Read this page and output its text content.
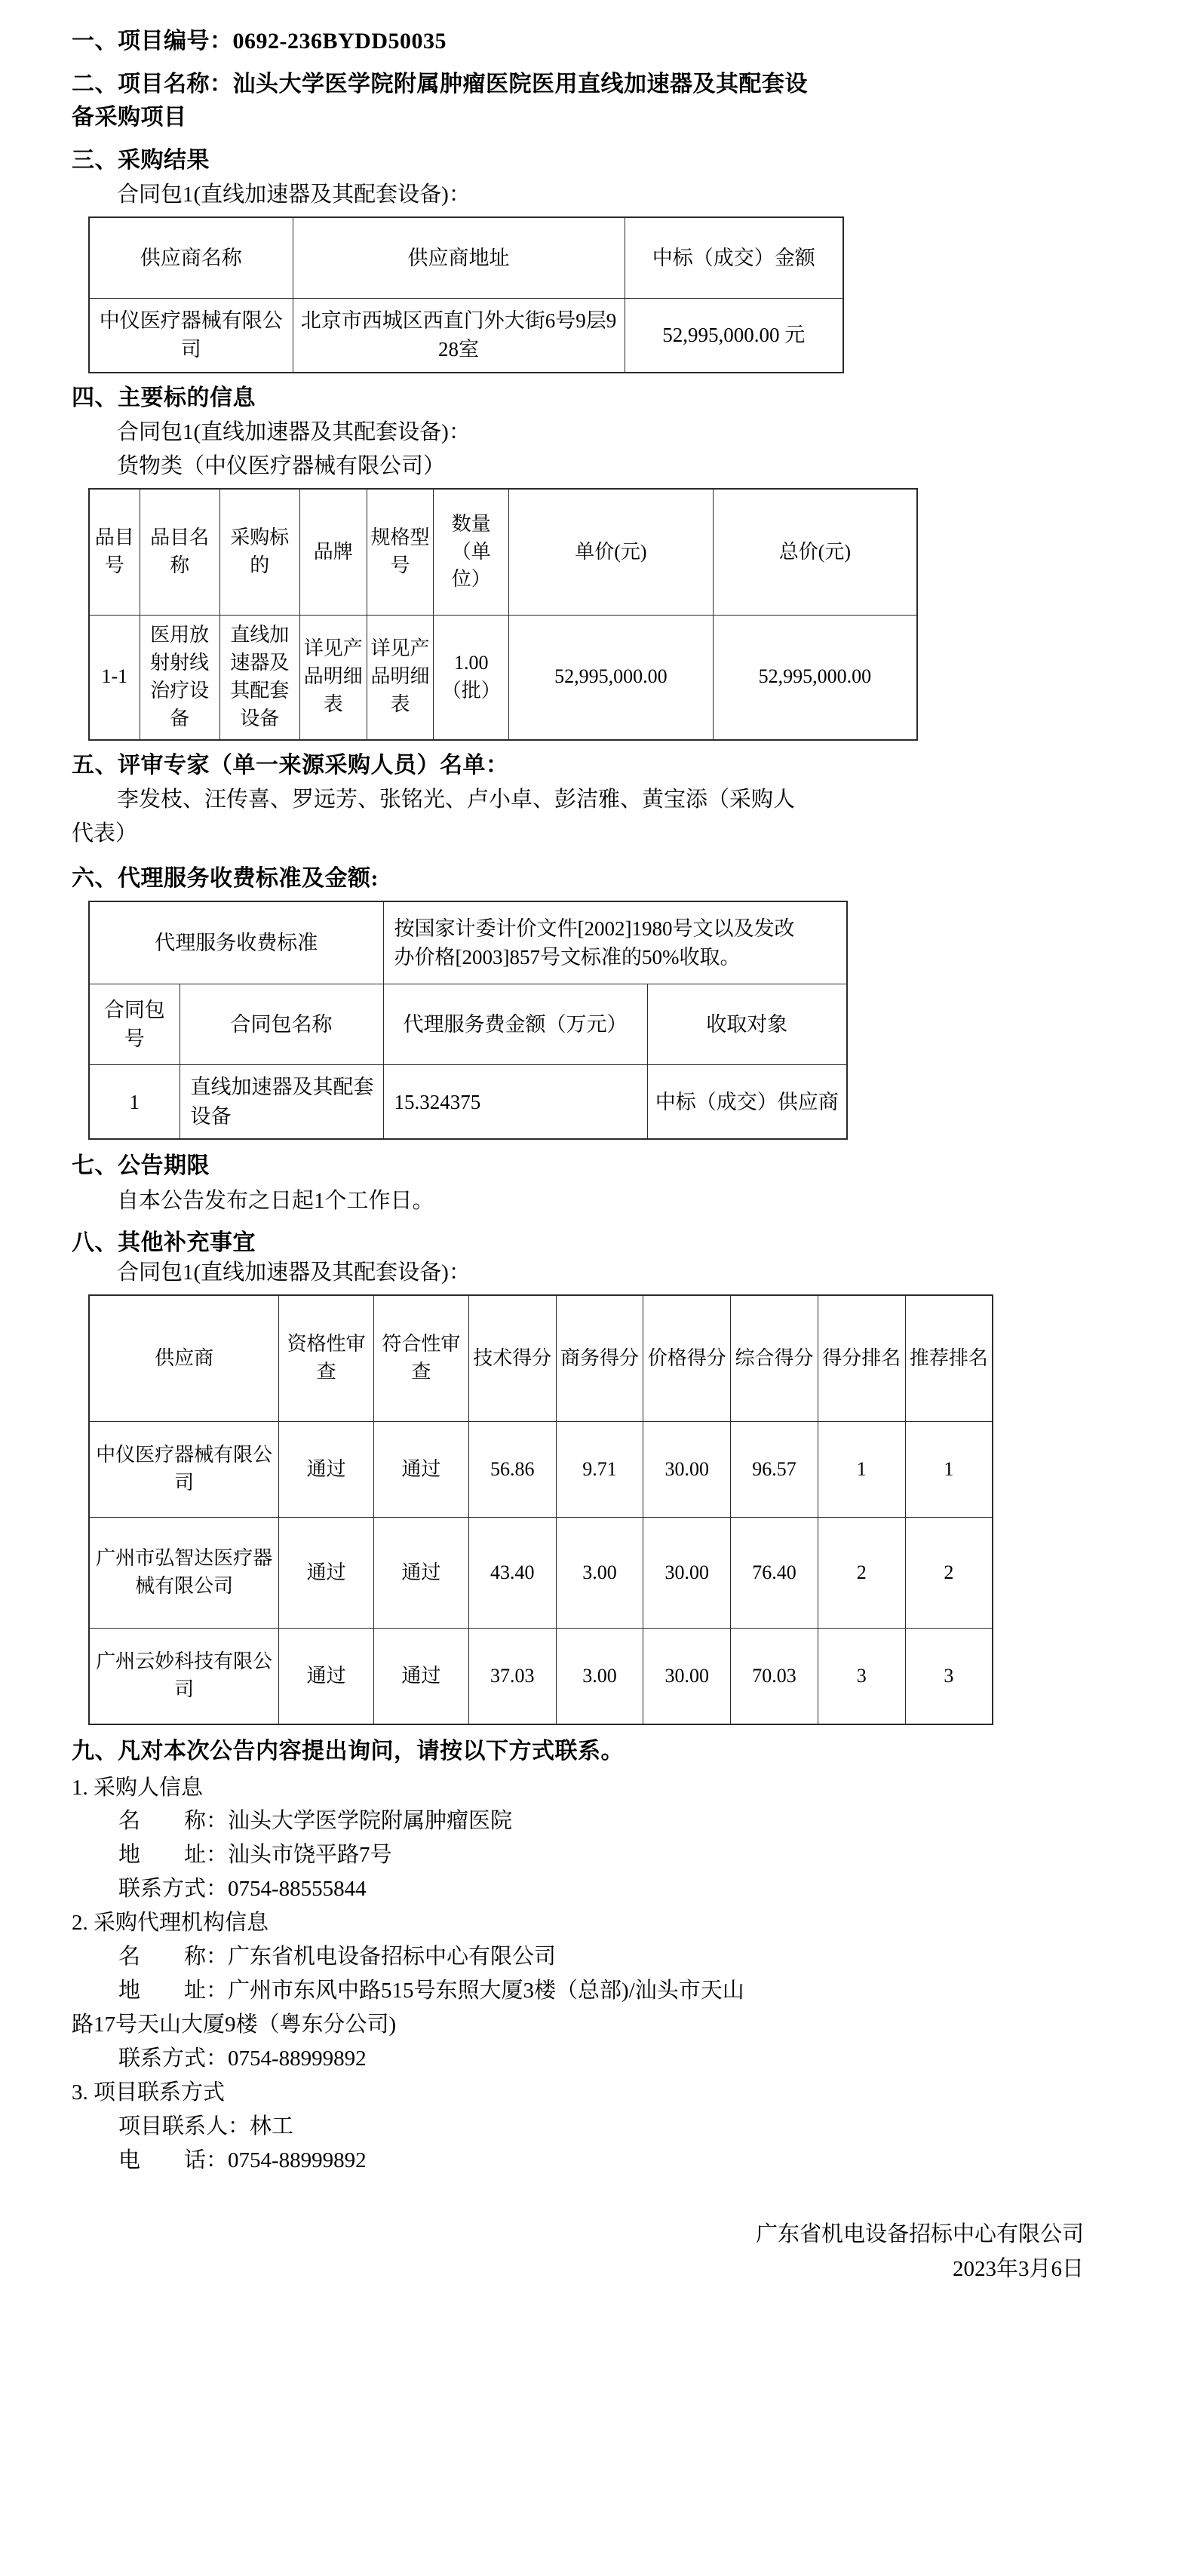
一、项目编号：0692-236BYDD50035
二、项目名称：汕头大学医学院附属肿瘤医院医用直线加速器及其配套设
备采购项目
三、采购结果
合同包1(直线加速器及其配套设备)：
供应商名称	供应商地址	中标（成交）金额
中仪医疗器械有限公司	北京市西城区西直门外大街6号9层928室	52,995,000.00 元
四、主要标的信息
合同包1(直线加速器及其配套设备)：
货物类（中仪医疗器械有限公司）
品目号	品目名称	采购标的	品牌	规格型号	数量（单位）	单价(元)	总价(元)
1-1	医用放射射线治疗设备	直线加速器及其配套设备	详见产品明细表	详见产品明细表	1.00（批）	52,995,000.00	52,995,000.00
五、评审专家（单一来源采购人员）名单：
李发枝、汪传喜、罗远芳、张铭光、卢小卓、彭洁雅、黄宝添（采购人
代表）
六、代理服务收费标准及金额:
代理服务收费标准		按国家计委计价文件[2002]1980号文以及发改
办价格[2003]857号文标准的50%收取。	
合同包号	合同包名称	代理服务费金额（万元）	收取对象
1	直线加速器及其配套设备	15.324375	中标（成交）供应商
七、公告期限
自本公告发布之日起1个工作日。
八、其他补充事宜
合同包1(直线加速器及其配套设备)：
供应商	资格性审查	符合性审查	技术得分	商务得分	价格得分	综合得分	得分排名	推荐排名
中仪医疗器械有限公司	通过	通过	56.86	9.71	30.00	96.57	1	1
广州市弘智达医疗器械有限公司	通过	通过	43.40	3.00	30.00	76.40	2	2
广州云妙科技有限公司	通过	通过	37.03	3.00	30.00	70.03	3	3
九、凡对本次公告内容提出询问，请按以下方式联系。
1. 采购人信息
名　　称：汕头大学医学院附属肿瘤医院
地　　址：汕头市饶平路7号
联系方式：0754-88555844
2. 采购代理机构信息
名　　称：广东省机电设备招标中心有限公司
地　　址：广州市东风中路515号东照大厦3楼（总部)/汕头市天山
路17号天山大厦9楼（粤东分公司)
联系方式：0754-88999892
3. 项目联系方式
项目联系人：林工
电　　话：0754-88999892
广东省机电设备招标中心有限公司
2023年3月6日
